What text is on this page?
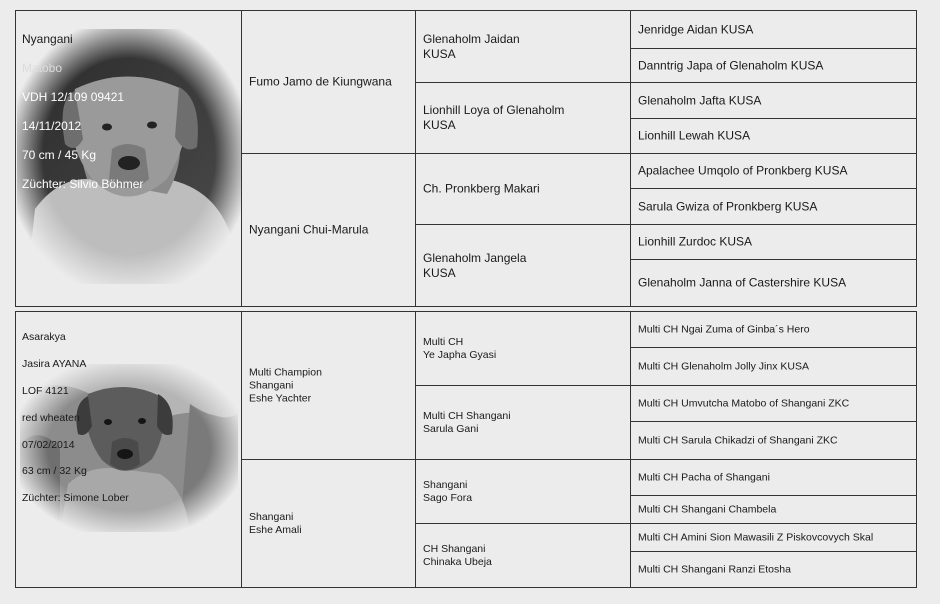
Nyangani

Matobo

VDH 12/109 09421

14/11/2012

70 cm / 45 Kg

Züchter: Silvio Böhmer

Fumo Jamo de Kiungwana
Nyangani Chui-Marula
Glenaholm Jaidan
KUSA
Lionhill Loya of Glenaholm
KUSA
Ch. Pronkberg Makari
Glenaholm Jangela
KUSA
Jenridge Aidan KUSA
Danntrig Japa of Glenaholm KUSA
Glenaholm Jafta KUSA
Lionhill Lewah KUSA
Apalachee Umqolo of Pronkberg KUSA
Sarula Gwiza of Pronkberg KUSA
Lionhill Zurdoc KUSA
Glenaholm Janna of Castershire KUSA

Asarakya

Jasira AYANA

LOF 4121

red wheaten

07/02/2014

63 cm / 32 Kg

Züchter: Simone Lober

Multi Champion
Shangani
Eshe Yachter
Shangani
Eshe Amali
Multi CH
Ye Japha Gyasi
Multi CH Shangani
Sarula Gani
Shangani
Sago Fora
CH Shangani
Chinaka Ubeja
Multi CH Ngai Zuma of Ginba´s Hero
Multi CH Glenaholm Jolly Jinx KUSA
Multi CH Umvutcha Matobo of Shangani ZKC
Multi CH Sarula Chikadzi of Shangani ZKC
Multi CH Pacha of Shangani
Multi CH Shangani Chambela
Multi CH Amini Sion Mawasili Z Piskovcovych Skal
Multi CH Shangani Ranzi Etosha
